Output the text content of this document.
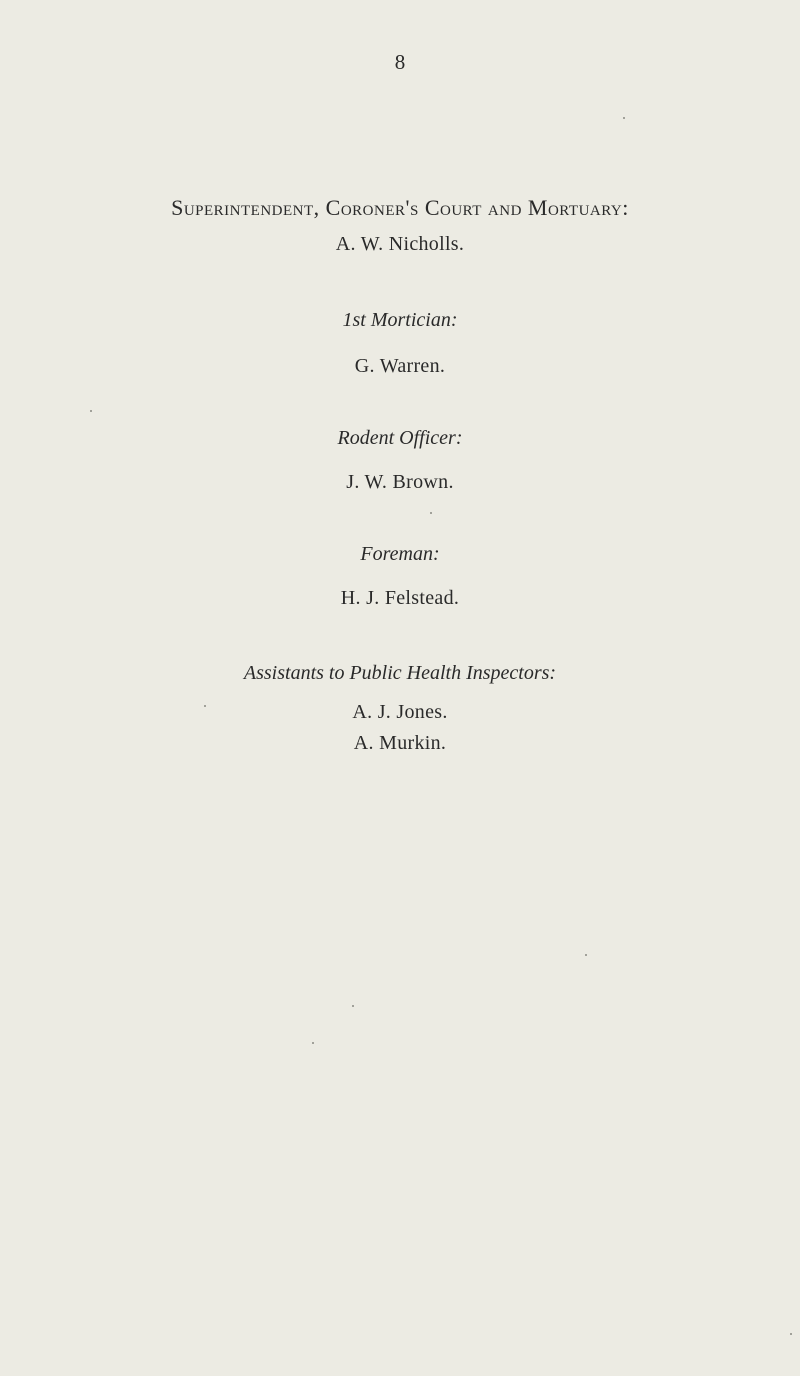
8
Superintendent, Coroner's Court and Mortuary:
A. W. Nicholls.
1st Mortician:
G. Warren.
Rodent Officer:
J. W. Brown.
Foreman:
H. J. Felstead.
Assistants to Public Health Inspectors:
A. J. Jones.
A. Murkin.
